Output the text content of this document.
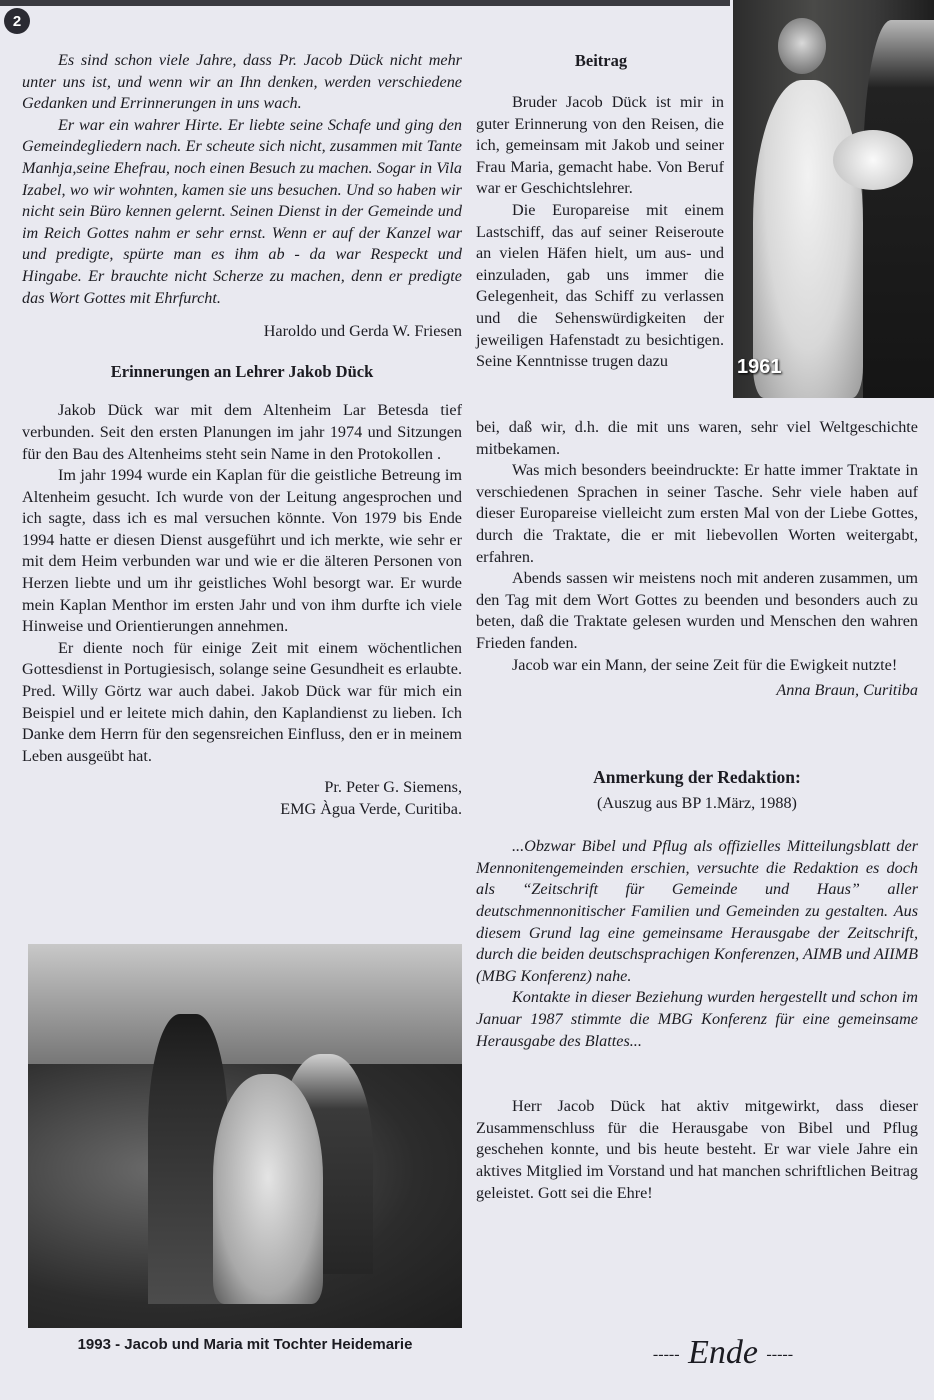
2

Es sind schon viele Jahre, dass Pr. Jacob Dück nicht mehr unter uns ist, und wenn wir an Ihn denken, werden verschiedene Gedanken und Errinnerungen in uns wach.

Er war ein wahrer Hirte. Er liebte seine Schafe und ging den Gemeindegliedern nach. Er scheute sich nicht, zusammen mit Tante Manhja,seine Ehefrau, noch einen Besuch zu machen. Sogar in Vila Izabel, wo wir wohnten, kamen sie uns besuchen. Und so haben wir nicht sein Büro kennen gelernt. Seinen Dienst in der Gemeinde und im Reich Gottes nahm er sehr ernst. Wenn er auf der Kanzel war und predigte, spürte man es ihm ab - da war Respeckt und Hingabe. Er brauchte nicht Scherze zu machen, denn er predigte das Wort Gottes mit Ehrfurcht.

Haroldo und Gerda W. Friesen

Erinnerungen an Lehrer Jakob Dück

Jakob Dück war mit dem Altenheim Lar Betesda tief verbunden. Seit den ersten Planungen im jahr 1974 und Sitzungen für den Bau des Altenheims steht sein Name in den Protokollen .

Im jahr 1994 wurde ein Kaplan für die geistliche Betreung im Altenheim gesucht. Ich wurde von der Leitung angesprochen und ich sagte, dass ich es mal versuchen könnte. Von 1979 bis Ende 1994 hatte er diesen Dienst ausgeführt und ich merkte, wie sehr er mit dem Heim verbunden war und wie er die älteren Personen von Herzen liebte und um ihr geistliches Wohl besorgt war. Er wurde mein Kaplan Menthor im ersten Jahr und von ihm durfte ich viele Hinweise und Orientierungen annehmen.

Er diente noch für einige Zeit mit einem wöchentlichen Gottesdienst in Portugiesisch, solange seine Gesundheit es erlaubte. Pred. Willy Görtz war auch dabei. Jakob Dück war für mich ein Beispiel und er leitete mich dahin, den Kaplandienst zu lieben. Ich Danke dem Herrn für den segensreichen Einfluss, den er in meinem Leben ausgeübt hat.

Pr. Peter G. Siemens,

EMG Àgua Verde, Curitiba.

1993 - Jacob und Maria mit Tochter Heidemarie
1961

Beitrag

Bruder Jacob Dück ist mir in guter Erinnerung von den Reisen, die ich, gemeinsam mit Jakob und seiner Frau Maria, gemacht habe. Von Beruf war er Geschichtslehrer.

Die Europareise mit einem Lastschiff, das auf seiner Reiseroute an vielen Häfen hielt, um aus- und einzuladen, gab uns immer die Gelegenheit, das Schiff zu verlassen und die Sehenswürdigkeiten der jeweiligen Hafenstadt zu besichtigen. Seine Kenntnisse trugen dazu

bei, daß wir, d.h. die mit uns waren, sehr viel Weltgeschichte mitbekamen.

Was mich besonders beeindruckte: Er hatte immer Traktate in verschiedenen Sprachen in seiner Tasche. Sehr viele haben auf dieser Europareise vielleicht zum ersten Mal von der Liebe Gottes, durch die Traktate, die er mit liebevollen Worten weitergabt, erfahren.

Abends sassen wir meistens noch mit anderen zusammen, um den Tag mit dem Wort Gottes zu beenden und besonders auch zu beten, daß die Traktate gelesen wurden und Menschen den wahren Frieden fanden.

Jacob war ein Mann, der seine Zeit für die Ewigkeit nutzte!

Anna Braun, Curitiba

Anmerkung der Redaktion:

(Auszug aus BP 1.März, 1988)

...Obzwar Bibel und Pflug als offizielles Mitteilungsblatt der Mennonitengemeinden erschien, versuchte die Redaktion es doch als “Zeitschrift für Gemeinde und Haus” aller deutschmennonitischer Familien und Gemeinden zu gestalten. Aus diesem Grund lag eine gemeinsame Herausgabe der Zeitschrift, durch die beiden deutschsprachigen Konferenzen, AIMB und AIIMB (MBG Konferenz) nahe.

Kontakte in dieser Beziehung wurden hergestellt und schon im Januar 1987 stimmte die MBG Konferenz für eine gemeinsame Herausgabe des Blattes...

Herr Jacob Dück hat aktiv mitgewirkt, dass dieser Zusammenschluss für die Herausgabe von Bibel und Pflug geschehen konnte, und bis heute besteht. Er war viele Jahre ein aktives Mitglied im Vorstand und hat manchen schriftlichen Beitrag geleistet. Gott sei die Ehre!

----- Ende -----
